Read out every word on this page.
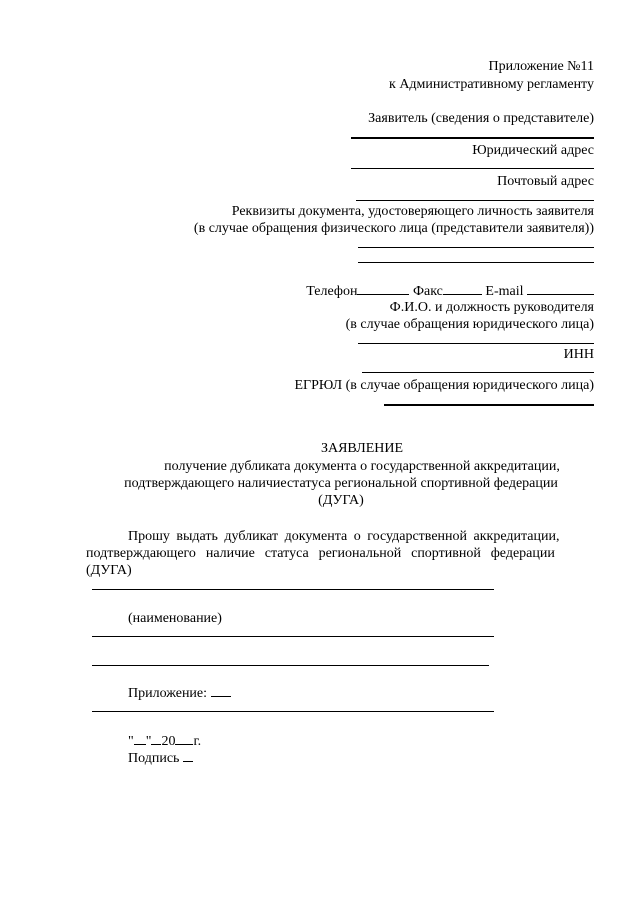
Приложение №11
к Административному регламенту
Заявитель (сведения о представителе)
Юридический адрес
Почтовый адрес
Реквизиты документа, удостоверяющего личность заявителя
(в случае обращения физического лица (представители заявителя))
Телефон	Факс	E-mail
Ф.И.О. и должность руководителя
(в случае обращения юридического лица)
ИНН
ЕГРЮЛ (в случае обращения юридического лица)
ЗАЯВЛЕНИЕ
получение дубликата документа о государственной аккредитации,
подтверждающего наличиестатуса региональной спортивной федерации
(ДУГА)
Прошу выдать дубликат документа о государственной аккредитации,
подтверждающего наличие статуса региональной спортивной федерации
(ДУГА)
(наименование)
Приложение:
" " 20 г.
Подпись
